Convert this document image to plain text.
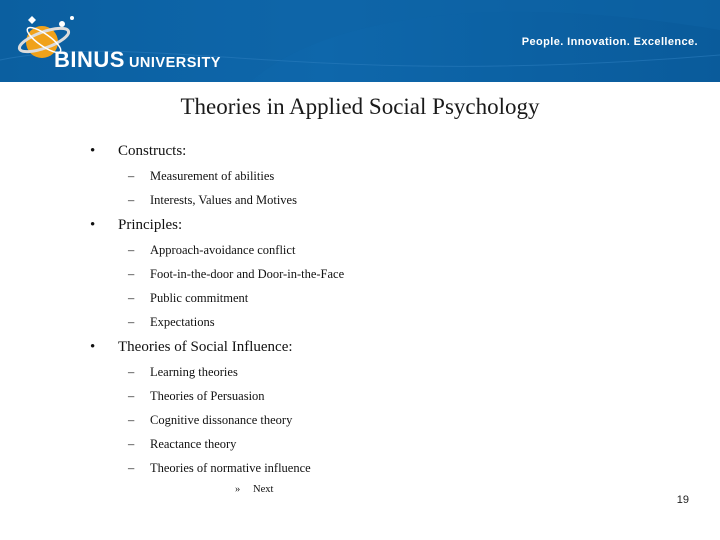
BINUS UNIVERSITY
People. Innovation. Excellence.
Theories in Applied Social Psychology
• Constructs:
– Measurement of abilities
– Interests, Values and Motives
• Principles:
– Approach-avoidance conflict
– Foot-in-the-door and Door-in-the-Face
– Public commitment
– Expectations
• Theories of Social Influence:
– Learning theories
– Theories of Persuasion
– Cognitive dissonance theory
– Reactance theory
– Theories of normative influence
» Next
19
